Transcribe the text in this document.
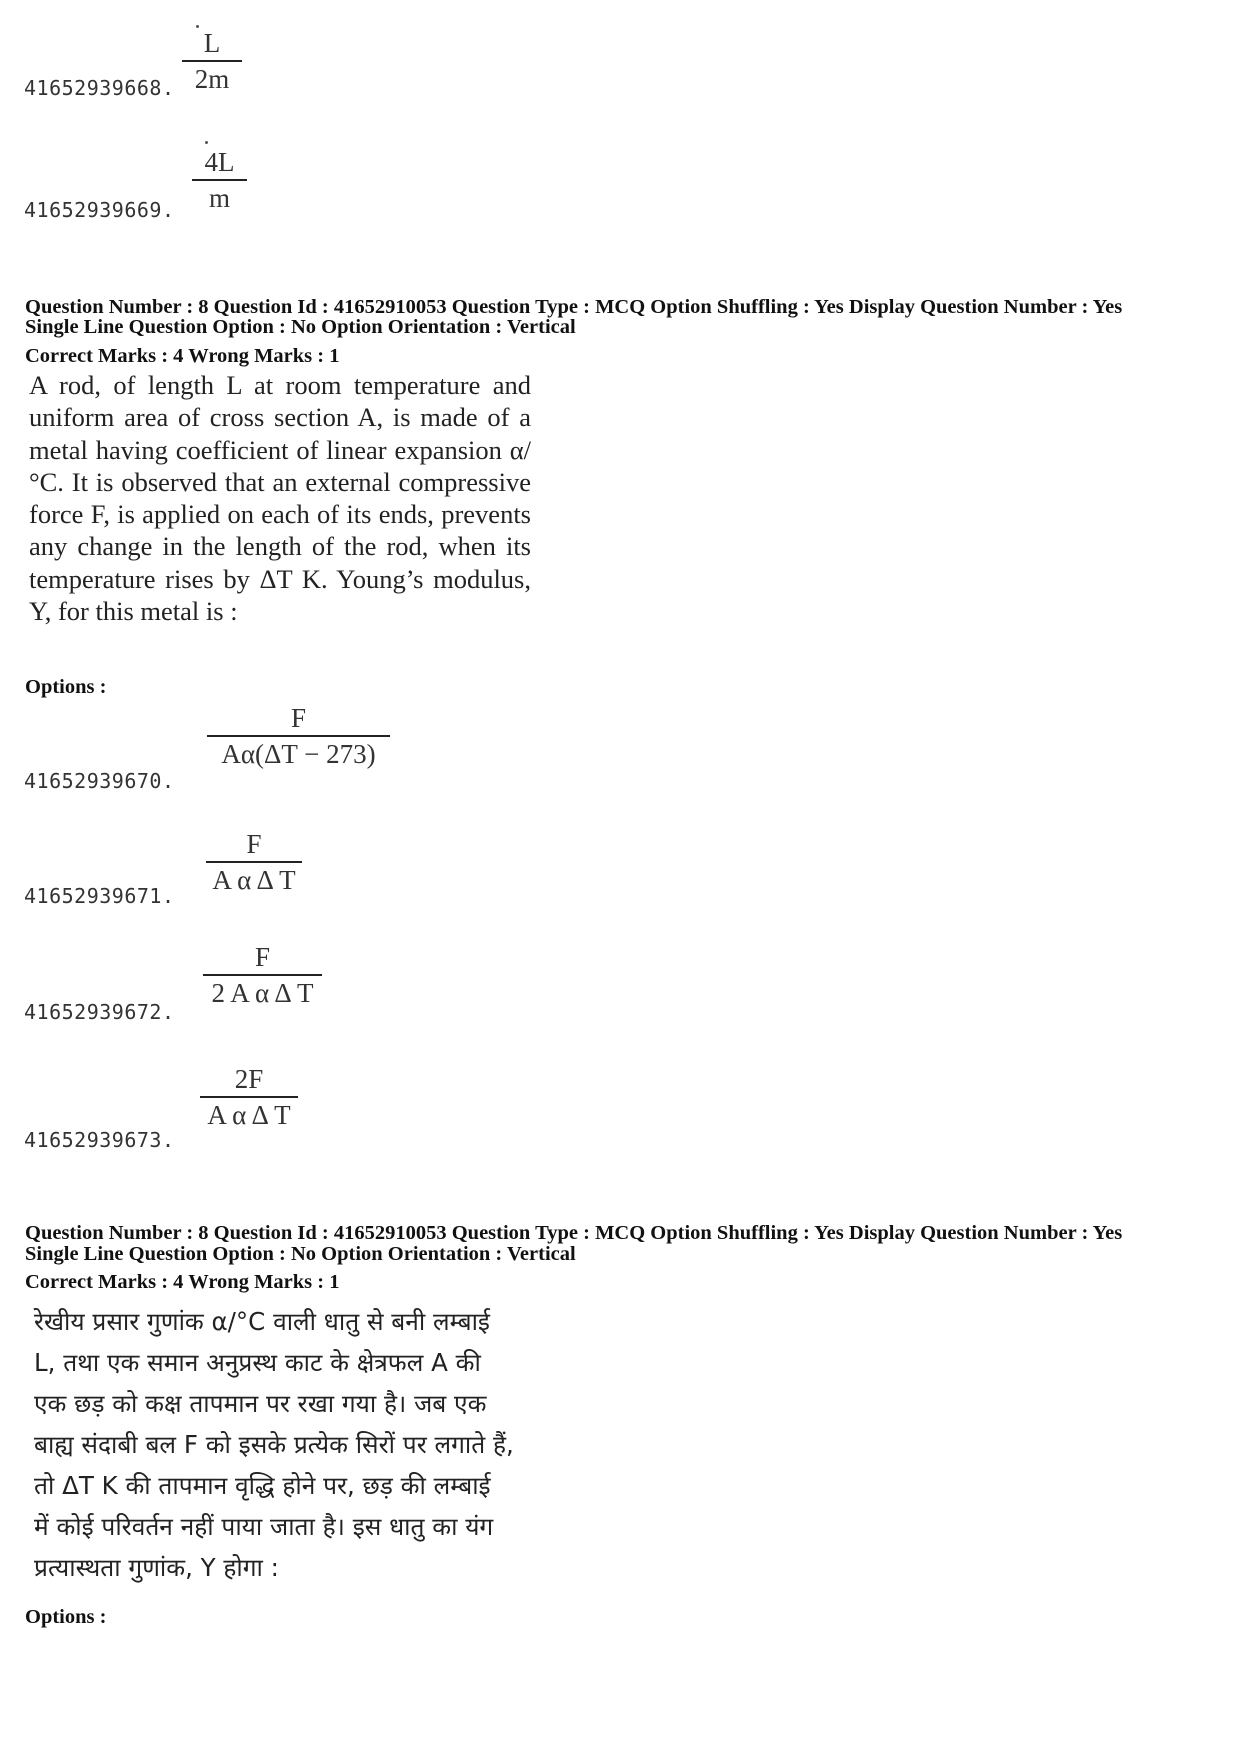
41652939668.
L
2m
41652939669.
4L
m
Question Number : 8 Question Id : 41652910053 Question Type : MCQ Option Shuffling : Yes Display Question Number : Yes
Single Line Question Option : No Option Orientation : Vertical
Correct Marks : 4 Wrong Marks : 1
A rod, of length L at room temperature and uniform area of cross section A, is made of a metal having coefficient of linear expansion α/°C. It is observed that an external compressive force F, is applied on each of its ends, prevents any change in the length of the rod, when its temperature rises by ΔT K. Young’s modulus, Y, for this metal is :
Options :
41652939670.
F
Aα(ΔT − 273)
41652939671.
F
A α Δ T
41652939672.
F
2 A α Δ T
41652939673.
2F
A α Δ T
Question Number : 8 Question Id : 41652910053 Question Type : MCQ Option Shuffling : Yes Display Question Number : Yes
Single Line Question Option : No Option Orientation : Vertical
Correct Marks : 4 Wrong Marks : 1
रेखीय प्रसार गुणांक α/°C वाली धातु से बनी लम्बाई
L, तथा एक समान अनुप्रस्थ काट के क्षेत्रफल A की
एक छड़ को कक्ष तापमान पर रखा गया है। जब एक
बाह्य संदाबी बल F को इसके प्रत्येक सिरों पर लगाते हैं,
तो ΔT K की तापमान वृद्धि होने पर, छड़ की लम्बाई
में कोई परिवर्तन नहीं पाया जाता है। इस धातु का यंग
प्रत्यास्थता गुणांक, Y होगा :
Options :
